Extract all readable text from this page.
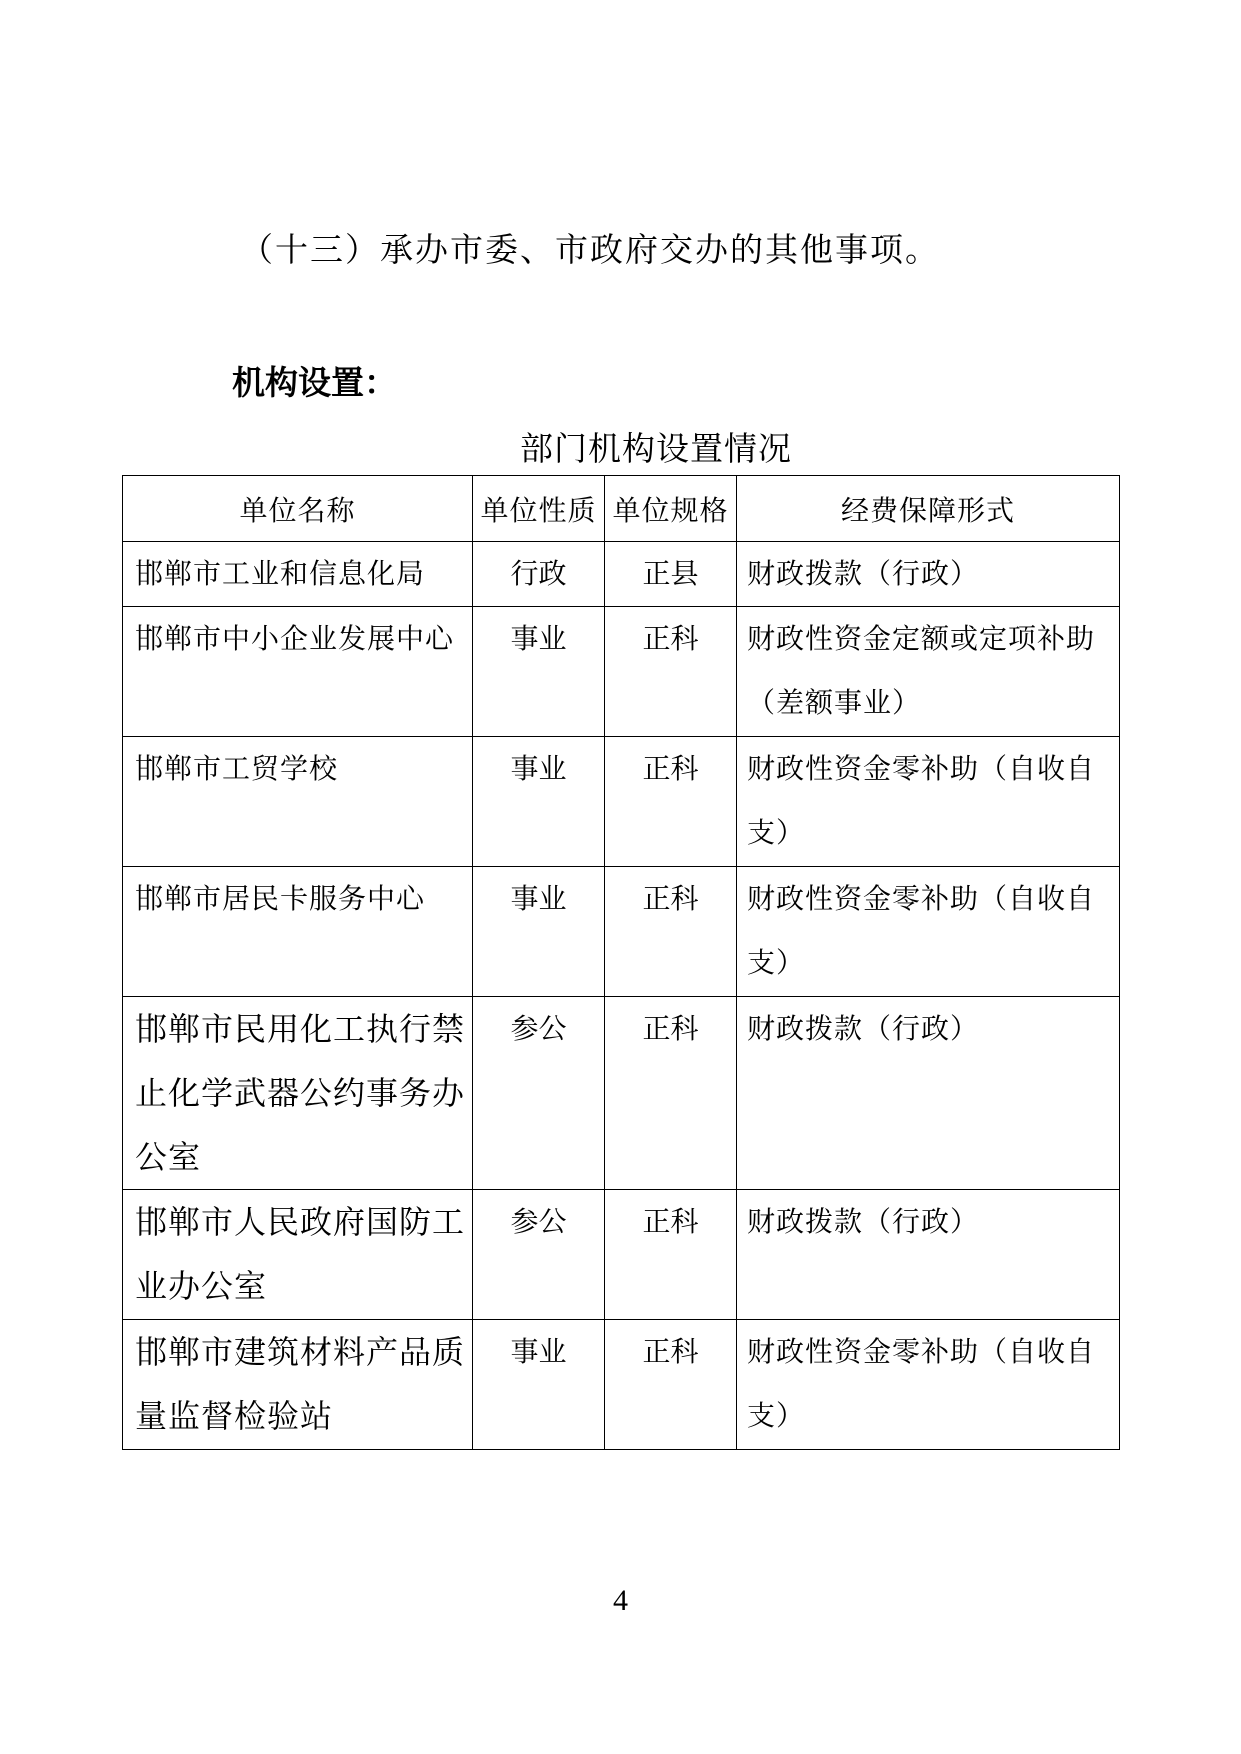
（十三）承办市委、市政府交办的其他事项。
机构设置：
部门机构设置情况
单位名称	单位性质	单位规格	经费保障形式

邯郸市工业和信息化局	行政	正县	财政拨款（行政）

邯郸市中小企业发展中心	事业	正科	财政性资金定额或定项补助（差额事业）

邯郸市工贸学校	事业	正科	财政性资金零补助（自收自支）

邯郸市居民卡服务中心	事业	正科	财政性资金零补助（自收自支）

邯郸市民用化工执行禁止化学武器公约事务办公室	参公	正科	财政拨款（行政）

邯郸市人民政府国防工业办公室	参公	正科	财政拨款（行政）

邯郸市建筑材料产品质量监督检验站	事业	正科	财政性资金零补助（自收自支）
4
